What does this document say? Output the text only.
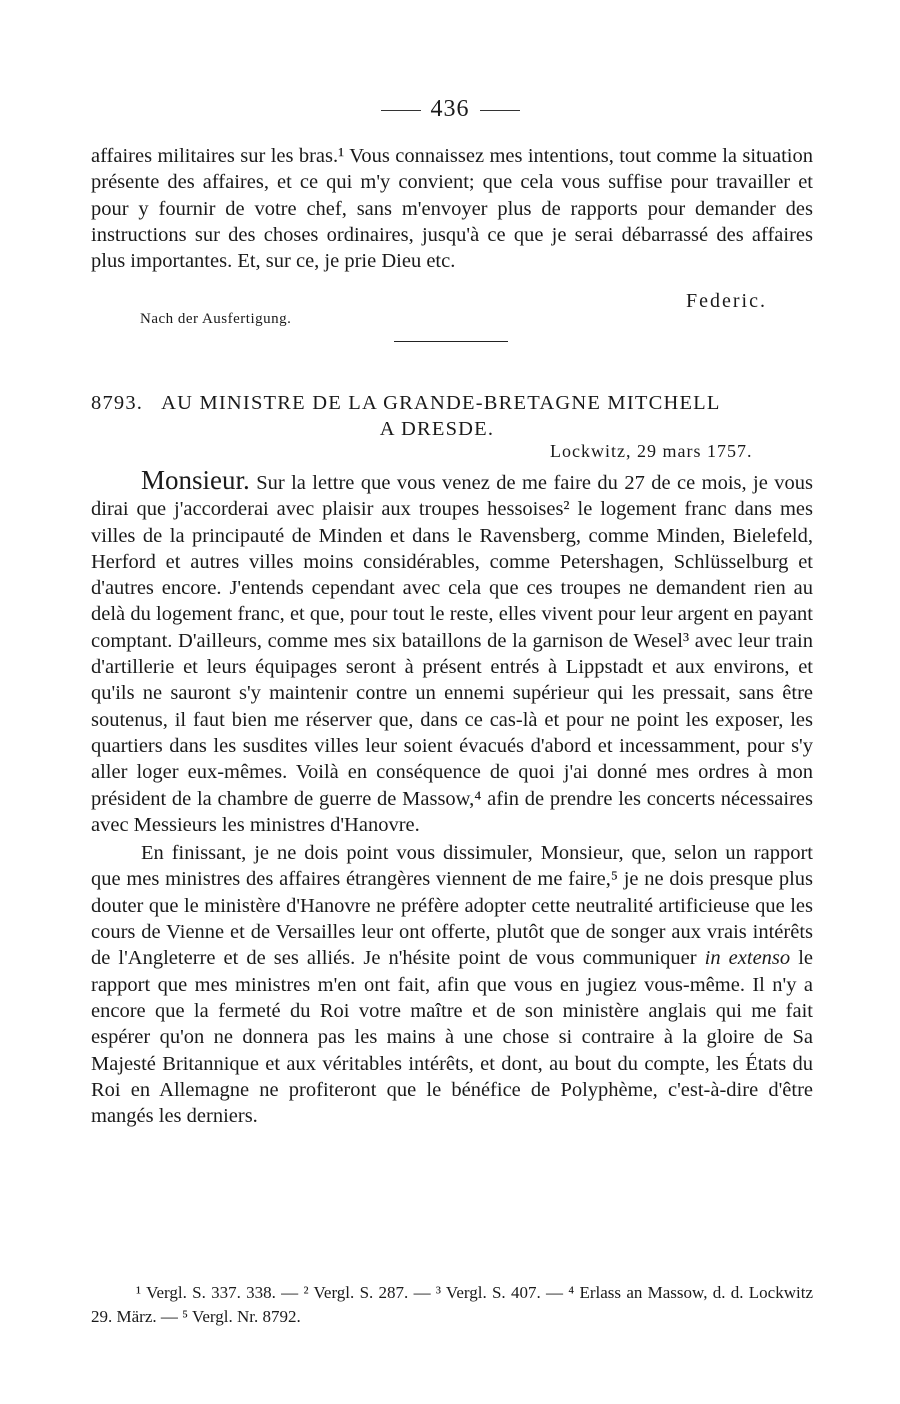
436

affaires militaires sur les bras.¹ Vous connaissez mes intentions, tout comme la situation présente des affaires, et ce qui m'y convient; que cela vous suffise pour travailler et pour y fournir de votre chef, sans m'envoyer plus de rapports pour demander des instructions sur des choses ordinaires, jusqu'à ce que je serai débarrassé des affaires plus importantes. Et, sur ce, je prie Dieu etc.

Federic.
Nach der Ausfertigung.
8793. AU MINISTRE DE LA GRANDE-BRETAGNE MITCHELL
A DRESDE.
Lockwitz, 29 mars 1757.

Monsieur. Sur la lettre que vous venez de me faire du 27 de ce mois, je vous dirai que j'accorderai avec plaisir aux troupes hessoises² le logement franc dans mes villes de la principauté de Minden et dans le Ravensberg, comme Minden, Bielefeld, Herford et autres villes moins considérables, comme Petershagen, Schlüsselburg et d'autres encore. J'entends cependant avec cela que ces troupes ne demandent rien au delà du logement franc, et que, pour tout le reste, elles vivent pour leur argent en payant comptant. D'ailleurs, comme mes six bataillons de la garnison de Wesel³ avec leur train d'artillerie et leurs équipages seront à présent entrés à Lippstadt et aux environs, et qu'ils ne sauront s'y maintenir contre un ennemi supérieur qui les pressait, sans être soutenus, il faut bien me réserver que, dans ce cas-là et pour ne point les exposer, les quartiers dans les susdites villes leur soient évacués d'abord et incessamment, pour s'y aller loger eux-mêmes. Voilà en conséquence de quoi j'ai donné mes ordres à mon président de la chambre de guerre de Massow,⁴ afin de prendre les concerts nécessaires avec Messieurs les ministres d'Hanovre.

En finissant, je ne dois point vous dissimuler, Monsieur, que, selon un rapport que mes ministres des affaires étrangères viennent de me faire,⁵ je ne dois presque plus douter que le ministère d'Hanovre ne préfère adopter cette neutralité artificieuse que les cours de Vienne et de Versailles leur ont offerte, plutôt que de songer aux vrais intérêts de l'Angleterre et de ses alliés. Je n'hésite point de vous communiquer in extenso le rapport que mes ministres m'en ont fait, afin que vous en jugiez vous-même. Il n'y a encore que la fermeté du Roi votre maître et de son ministère anglais qui me fait espérer qu'on ne donnera pas les mains à une chose si contraire à la gloire de Sa Majesté Britannique et aux véritables intérêts, et dont, au bout du compte, les États du Roi en Allemagne ne profiteront que le bénéfice de Polyphème, c'est-à-dire d'être mangés les derniers.

¹ Vergl. S. 337. 338. — ² Vergl. S. 287. — ³ Vergl. S. 407. — ⁴ Erlass an Massow, d. d. Lockwitz 29. März. — ⁵ Vergl. Nr. 8792.
